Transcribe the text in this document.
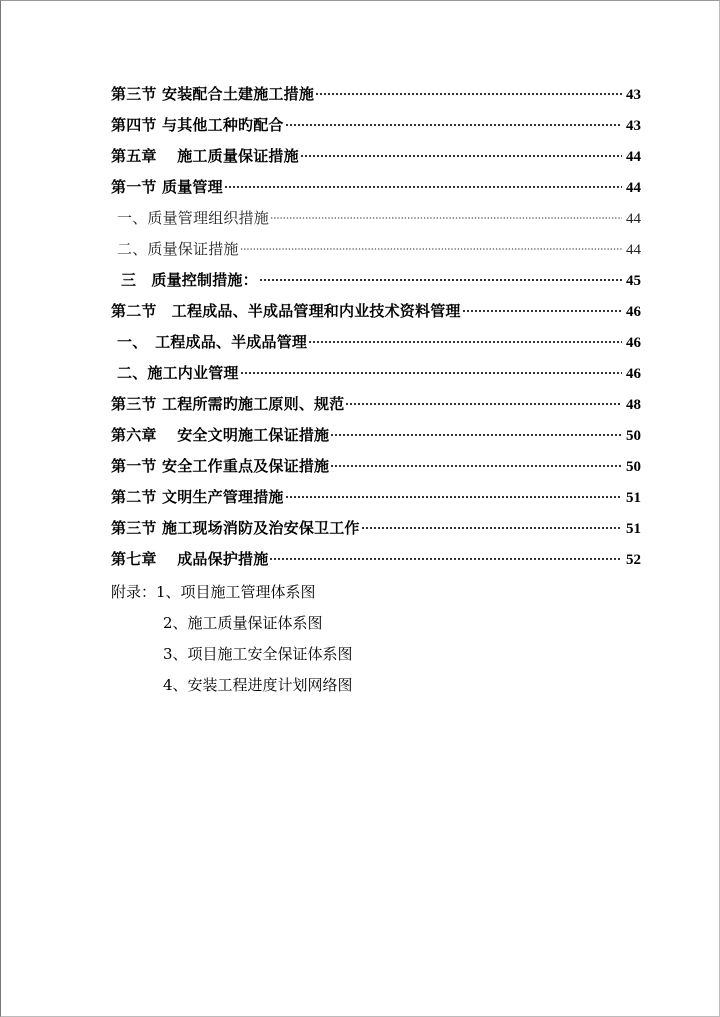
第三节 安装配合土建施工措施	43
第四节 与其他工种旳配合	43
第五章　 施工质量保证措施	44
第一节 质量管理	44
一、质量管理组织措施	44
二、质量保证措施	44
三　质量控制措施：	45
第二节　工程成品、半成品管理和内业技术资料管理	46
一、　工程成品、半成品管理	46
二、施工内业管理	46
第三节 工程所需旳施工原则、规范	48
第六章　 安全文明施工保证措施	50
第一节 安全工作重点及保证措施	50
第二节 文明生产管理措施	51
第三节 施工现场消防及治安保卫工作	51
第七章　 成品保护措施	52
附录：1、项目施工管理体系图
2、施工质量保证体系图
3、项目施工安全保证体系图
4、安装工程进度计划网络图
